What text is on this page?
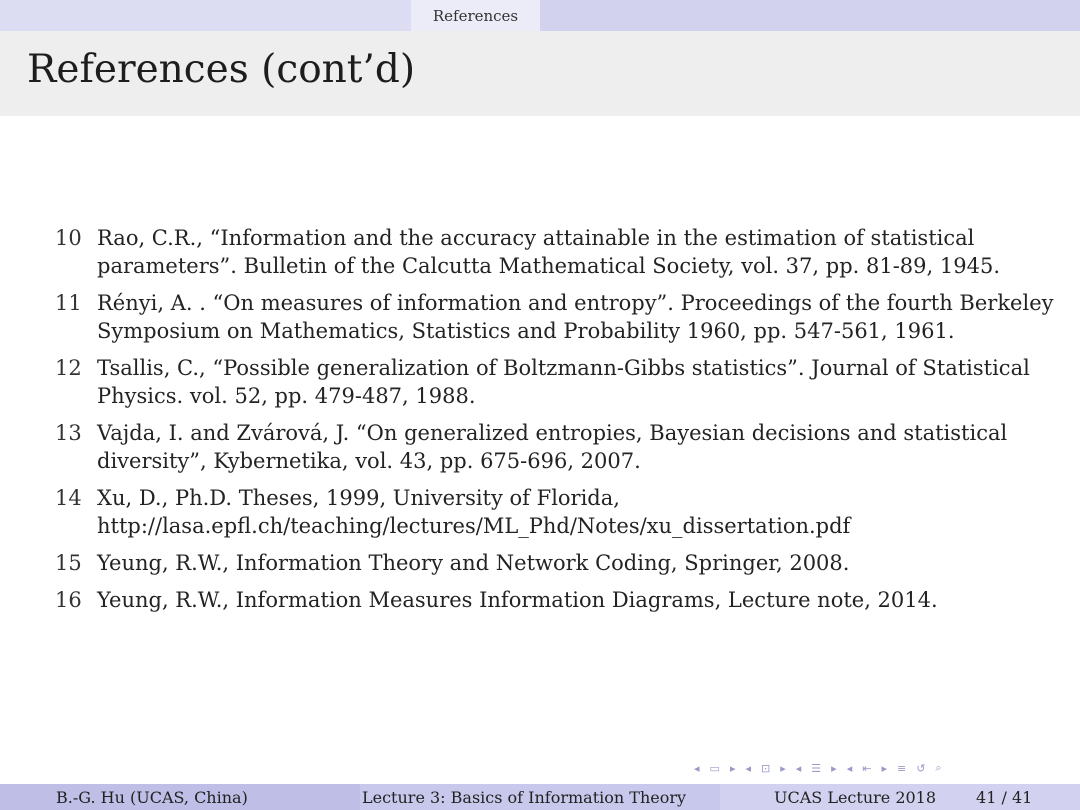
References
References (cont’d)
10 Rao, C.R., “Information and the accuracy attainable in the estimation of statistical parameters”. Bulletin of the Calcutta Mathematical Society, vol. 37, pp. 81-89, 1945.
11 Rényi, A. . “On measures of information and entropy”. Proceedings of the fourth Berkeley Symposium on Mathematics, Statistics and Probability 1960, pp. 547-561, 1961.
12 Tsallis, C., “Possible generalization of Boltzmann-Gibbs statistics”. Journal of Statistical Physics. vol. 52, pp. 479-487, 1988.
13 Vajda, I. and Zvárová, J. “On generalized entropies, Bayesian decisions and statistical diversity”, Kybernetika, vol. 43, pp. 675-696, 2007.
14 Xu, D., Ph.D. Theses, 1999, University of Florida, http://lasa.epfl.ch/teaching/lectures/ML_Phd/Notes/xu_dissertation.pdf
15 Yeung, R.W., Information Theory and Network Coding, Springer, 2008.
16 Yeung, R.W., Information Measures Information Diagrams, Lecture note, 2014.
◂ ▭ ▸ ◂ ⊡ ▸ ◂ ☰ ▸ ◂ ⇤ ▸ ≡ ↺ ⌕
B.-G. Hu (UCAS, China)	Lecture 3: Basics of Information Theory	UCAS Lecture 2018	41 / 41
